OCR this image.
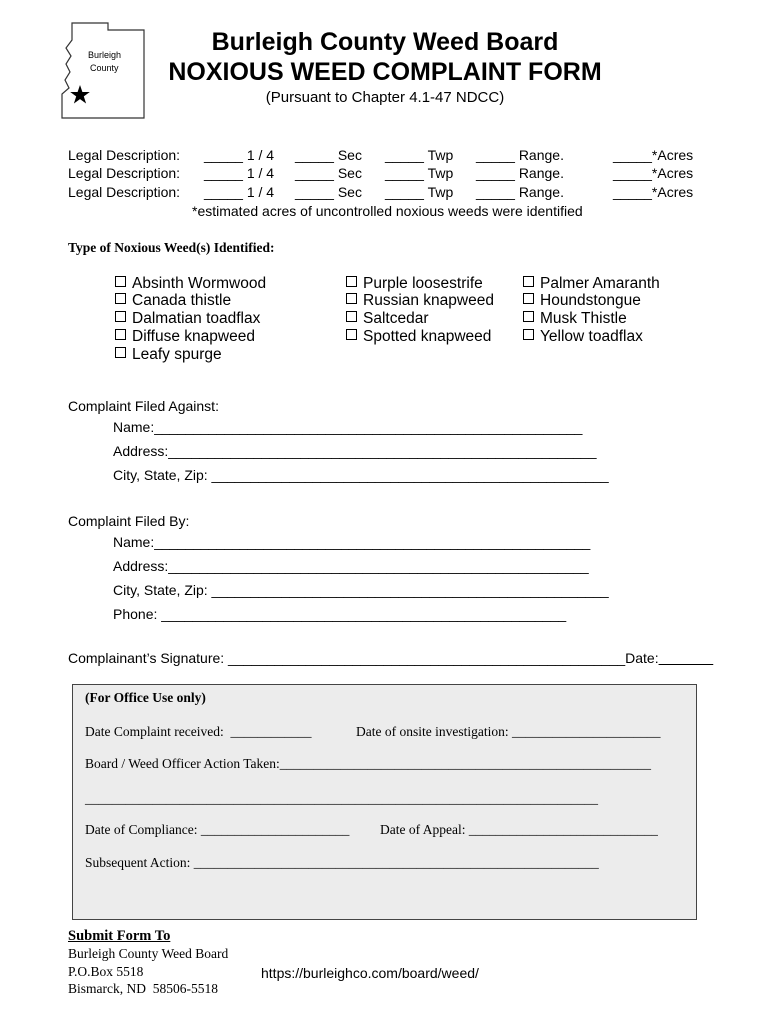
Burleigh
County
Burleigh County Weed Board
NOXIOUS WEED COMPLAINT FORM
(Pursuant to Chapter 4.1-47 NDCC)
Legal Description: _____ 1 / 4 _____ Sec _____ Twp _____ Range.	_____*Acres
Legal Description: _____ 1 / 4 _____ Sec _____ Twp _____ Range.	_____*Acres
Legal Description: _____ 1 / 4 _____ Sec _____ Twp _____ Range.	_____*Acres
*estimated acres of uncontrolled noxious weeds were identified
Type of Noxious Weed(s) Identified:
Absinth Wormwood
Canada thistle
Dalmatian toadflax
Diffuse knapweed
Leafy spurge
Purple loosestrife
Russian knapweed
Saltcedar
Spotted knapweed
Palmer Amaranth
Houndstongue
Musk Thistle
Yellow toadflax
Complaint Filed Against:
Name:_______________________________________________________
Address:_______________________________________________________
City, State, Zip: ___________________________________________________
Complaint Filed By:
Name:________________________________________________________
Address:______________________________________________________
City, State, Zip: ___________________________________________________
Phone: ____________________________________________________
Complainant’s Signature: ___________________________________________________Date:_______
(For Office Use only)
Date Complaint received:  ____________	Date of onsite investigation: ______________________
Board / Weed Officer Action Taken:_______________________________________________________
____________________________________________________________________________
Date of Compliance: ______________________ Date of Appeal: ____________________________
Subsequent Action: ____________________________________________________________
Submit Form To
Burleigh County Weed Board
P.O.Box 5518
Bismarck, ND  58506-5518
https://burleighco.com/board/weed/
